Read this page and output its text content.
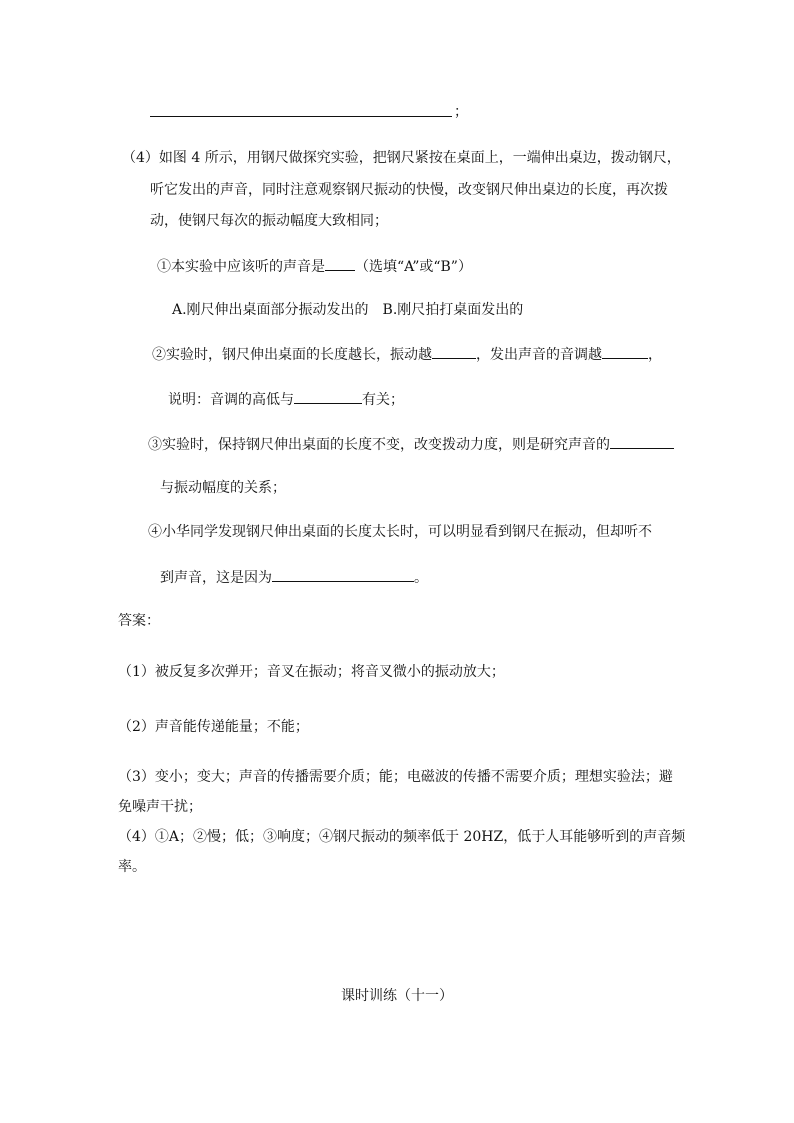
；
（4）如图 4 所示，用钢尺做探究实验，把钢尺紧按在桌面上，一端伸出桌边，拨动钢尺，
听它发出的声音，同时注意观察钢尺振动的快慢，改变钢尺伸出桌边的长度，再次拨
动，使钢尺每次的振动幅度大致相同；
①本实验中应该听的声音是 （选填“A”或“B”）
A.刚尺伸出桌面部分振动发出的　B.刚尺拍打桌面发出的
②实验时，钢尺伸出桌面的长度越长，振动越	，发出声音的音调越	，
说明：音调的高低与	有关；
③实验时，保持钢尺伸出桌面的长度不变，改变拨动力度，则是研究声音的
与振动幅度的关系；
④小华同学发现钢尺伸出桌面的长度太长时，可以明显看到钢尺在振动，但却听不
到声音，这是因为	。
答案：
（1）被反复多次弹开；音叉在振动；将音叉微小的振动放大；
（2）声音能传递能量；不能；
（3）变小；变大；声音的传播需要介质；能；电磁波的传播不需要介质；理想实验法；避
免噪声干扰；
（4）①A；②慢；低；③响度；④钢尺振动的频率低于 20HZ，低于人耳能够听到的声音频
率。
课时训练（十一）
